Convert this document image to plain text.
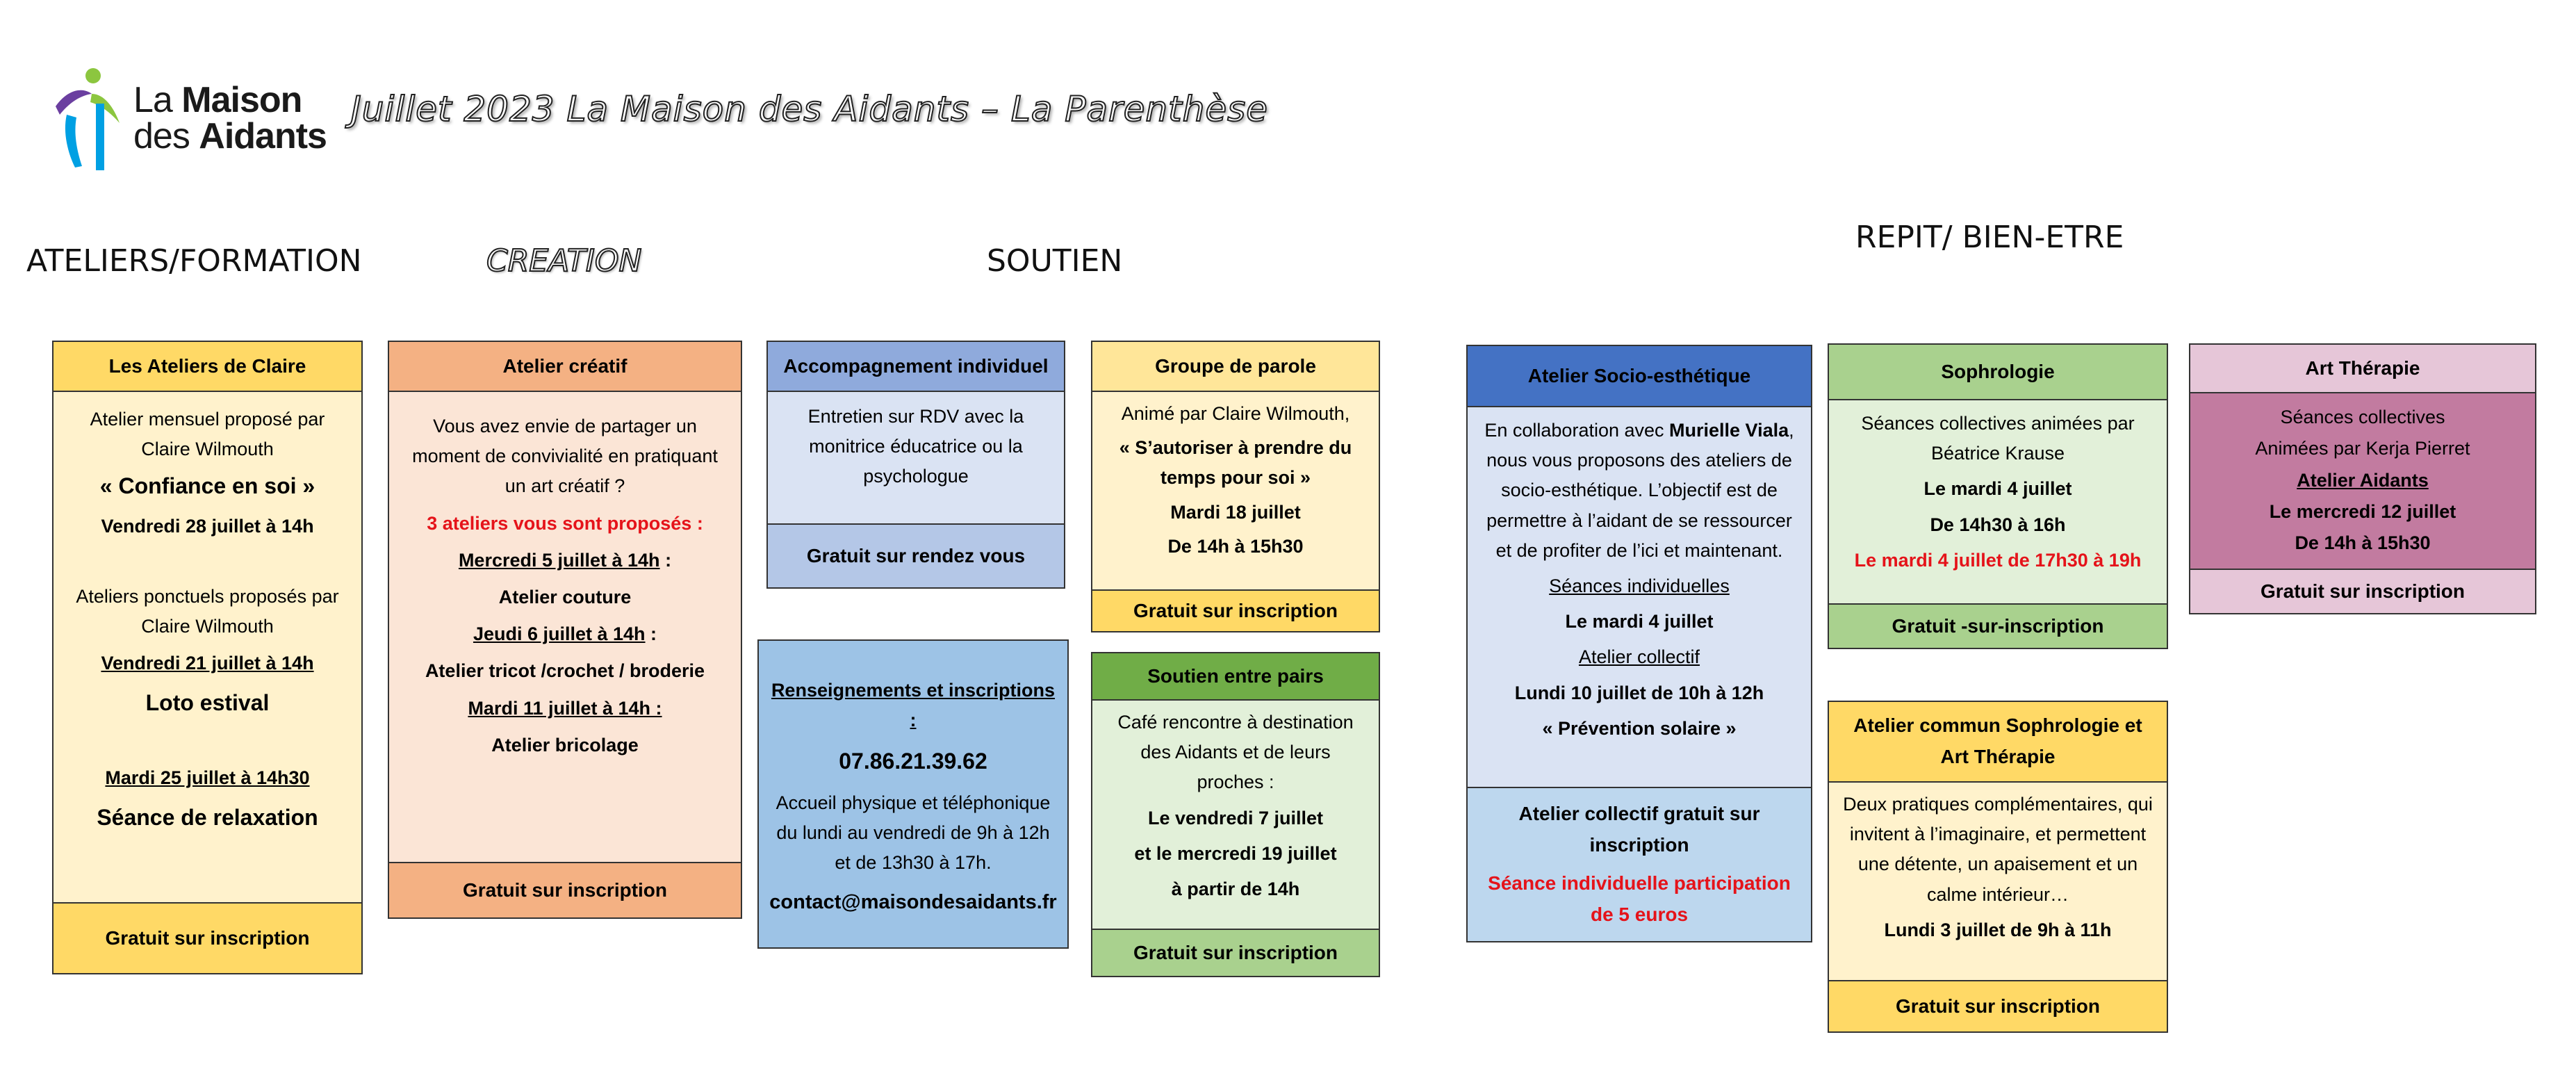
La Maison
des Aidants
Juillet 2023 La Maison des Aidants – La Parenthèse
ATELIERS/FORMATION	CREATION	SOUTIEN
REPIT/ BIEN-ETRE
Les Ateliers de Claire

Atelier mensuel proposé par Claire Wilmouth

« Confiance en soi »

Vendredi 28 juillet à 14h

Ateliers ponctuels proposés par Claire Wilmouth

Vendredi 21 juillet à 14h

Loto estival

Mardi 25 juillet à 14h30

Séance de relaxation

Gratuit sur inscription
Atelier créatif

Vous avez envie de partager un moment de convivialité en pratiquant un art créatif ?

3 ateliers vous sont proposés :

Mercredi 5 juillet à 14h :

Atelier couture

Jeudi 6 juillet à 14h :

Atelier tricot /crochet / broderie

Mardi 11 juillet à 14h :

Atelier bricolage

Gratuit sur inscription
Accompagnement individuel

Entretien sur RDV avec la monitrice éducatrice ou la psychologue

Gratuit sur rendez vous

Renseignements et inscriptions :

07.86.21.39.62

Accueil physique et téléphonique du lundi au vendredi de 9h à 12h et de 13h30 à 17h.

contact@maisondesaidants.fr

Groupe de parole

Animé par Claire Wilmouth,

« S’autoriser à prendre du temps pour soi »

Mardi 18 juillet

De 14h à 15h30

Gratuit sur inscription
Soutien entre pairs

Café rencontre à destination des Aidants et de leurs proches :

Le vendredi 7 juillet

et le mercredi 19 juillet

à partir de 14h

Gratuit sur inscription
Atelier Socio-esthétique

En collaboration avec Murielle Viala, nous vous proposons des ateliers de socio-esthétique. L’objectif est de permettre à l’aidant de se ressourcer et de profiter de l’ici et maintenant.

Séances individuelles

Le mardi 4 juillet

Atelier collectif

Lundi 10 juillet de 10h à 12h

« Prévention solaire »

Atelier collectif gratuit sur inscription
Séance individuelle participation de 5 euros
Sophrologie

Séances collectives animées par Béatrice Krause

Le mardi 4 juillet

De 14h30 à 16h

Le mardi 4 juillet de 17h30 à 19h

Gratuit -sur-inscription
Atelier commun Sophrologie et Art Thérapie

Deux pratiques complémentaires, qui invitent à l’imaginaire, et permettent une détente, un apaisement et un calme intérieur…

Lundi 3 juillet de 9h à 11h

Gratuit sur inscription
Art Thérapie

Séances collectives

Animées par Kerja Pierret

Atelier Aidants

Le mercredi 12 juillet

De 14h à 15h30

Gratuit sur inscription
